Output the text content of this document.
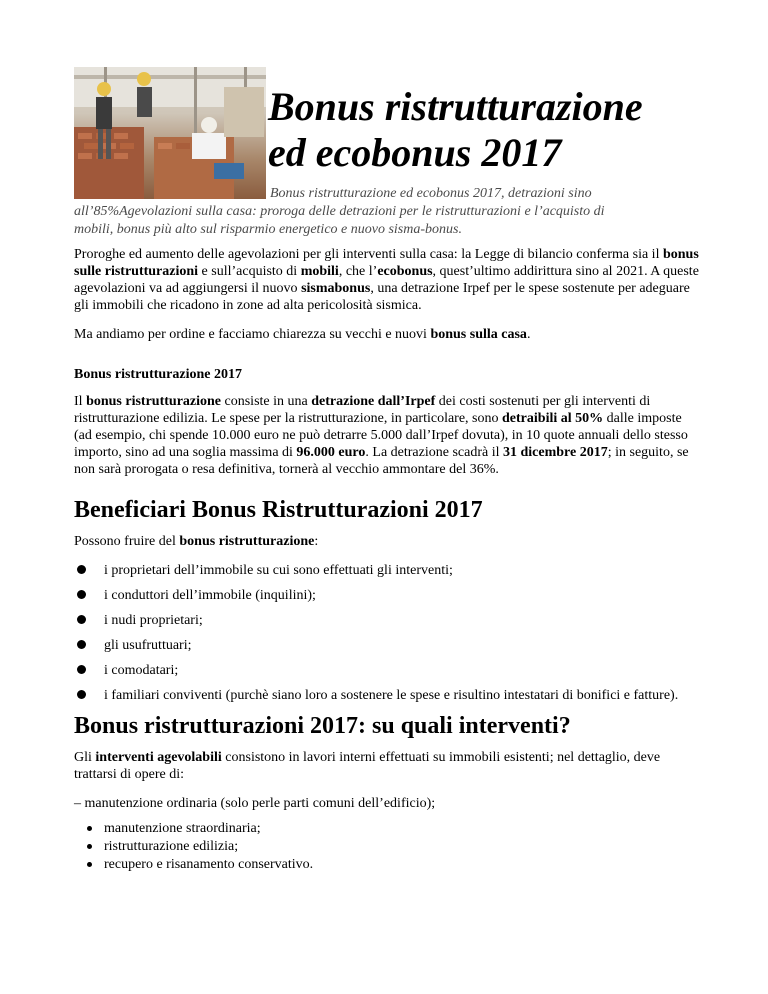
Bonus ristrutturazione
ed ecobonus 2017

Bonus ristrutturazione ed ecobonus 2017, detrazioni sino
all’85%Agevolazioni sulla casa: proroga delle detrazioni per le ristrutturazioni e l’acquisto di
mobili, bonus più alto sul risparmio energetico e nuovo sisma-bonus.

Proroghe ed aumento delle agevolazioni per gli interventi sulla casa: la Legge di bilancio conferma sia il bonus sulle ristrutturazioni e sull’acquisto di mobili, che l’ecobonus, quest’ultimo addirittura sino al 2021. A queste agevolazioni va ad aggiungersi il nuovo sismabonus, una detrazione Irpef per le spese sostenute per adeguare gli immobili che ricadono in zone ad alta pericolosità sismica.

Ma andiamo per ordine e facciamo chiarezza su vecchi e nuovi bonus sulla casa.

Bonus ristrutturazione 2017

Il bonus ristrutturazione consiste in una detrazione dall’Irpef dei costi sostenuti per gli interventi di ristrutturazione edilizia. Le spese per la ristrutturazione, in particolare, sono detraibili al 50% dalle imposte (ad esempio, chi spende 10.000 euro ne può detrarre 5.000 dall’Irpef dovuta), in 10 quote annuali dello stesso importo, sino ad una soglia massima di 96.000 euro. La detrazione scadrà il 31 dicembre 2017; in seguito, se non sarà prorogata o resa definitiva, tornerà al vecchio ammontare del 36%.

Beneficiari Bonus Ristrutturazioni 2017

Possono fruire del bonus ristrutturazione:

i proprietari dell’immobile su cui sono effettuati gli interventi;
i conduttori dell’immobile (inquilini);
i nudi proprietari;
gli usufruttuari;
i comodatari;
i familiari conviventi (purchè siano loro a sostenere le spese e risultino intestatari di bonifici e fatture).
Bonus ristrutturazioni 2017: su quali interventi?

Gli interventi agevolabili consistono in lavori interni effettuati su immobili esistenti; nel dettaglio, deve trattarsi di opere di:

– manutenzione ordinaria (solo perle parti comuni dell’edificio);

manutenzione straordinaria;
ristrutturazione edilizia;
recupero e risanamento conservativo.
